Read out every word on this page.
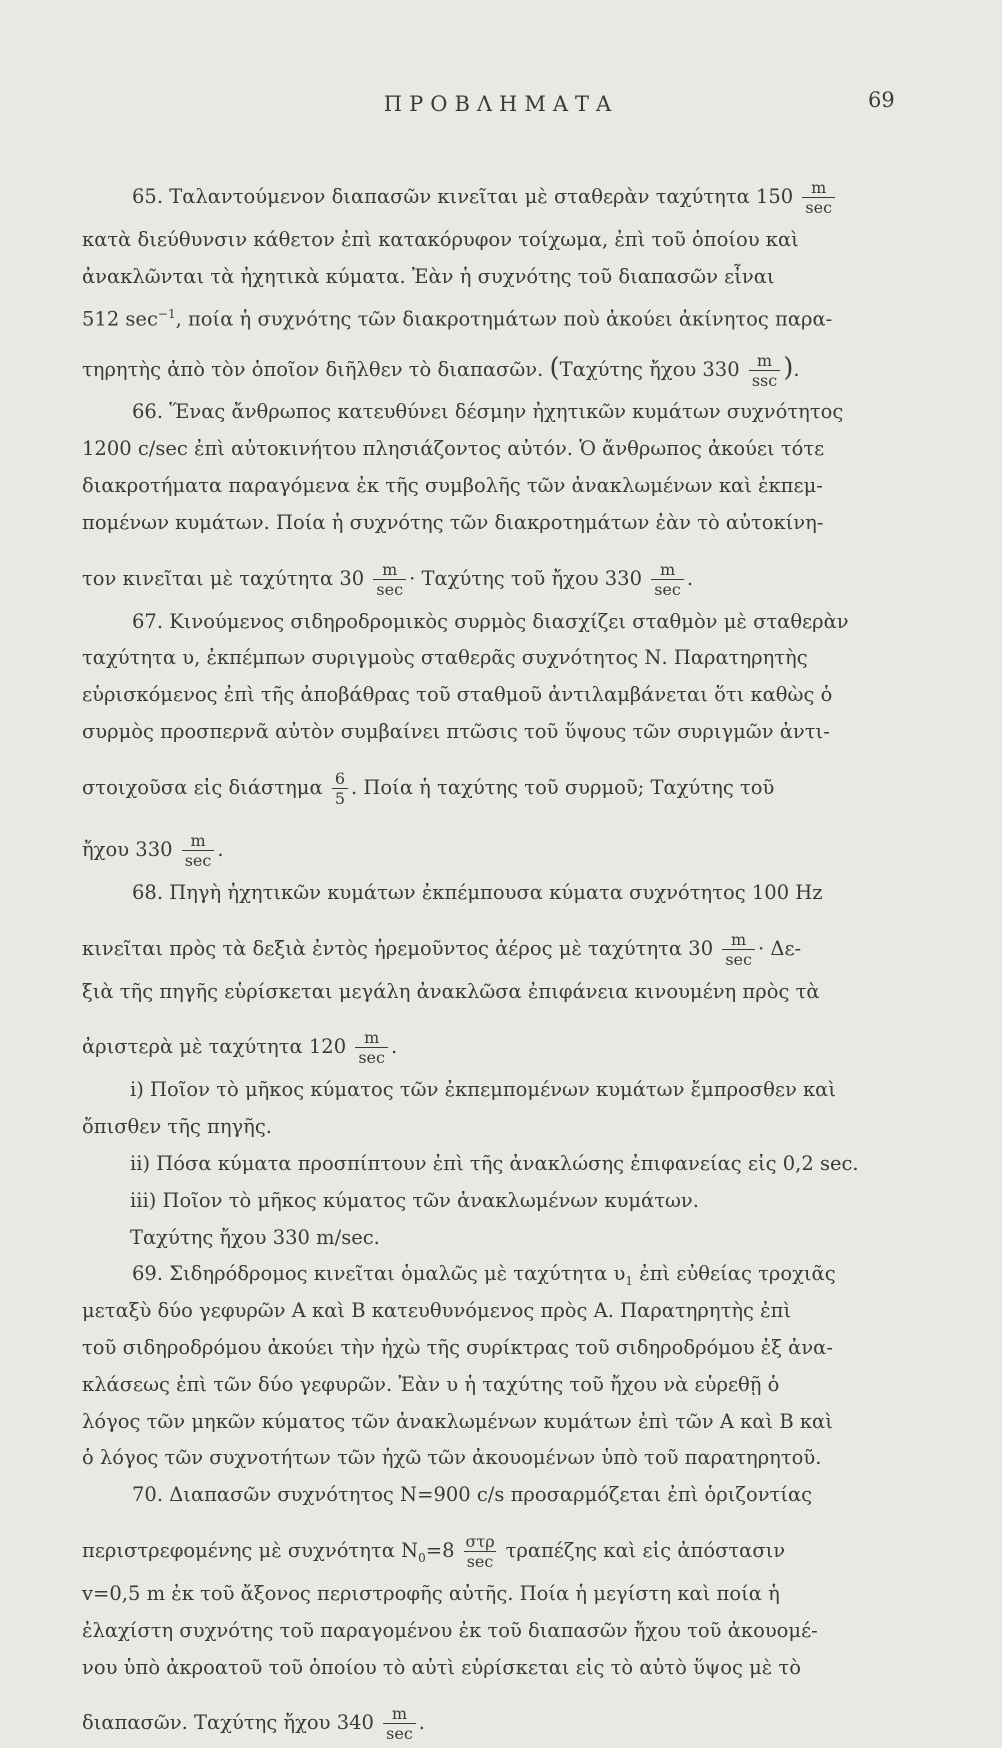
ΠΡΟΒΛΗΜΑΤΑ	69
65. Ταλαντούμενον διαπασῶν κινεῖται μὲ σταθερὰν ταχύτητα 150 m
sec
κατὰ διεύθυνσιν κάθετον ἐπὶ κατακόρυφον τοίχωμα, ἐπὶ τοῦ ὁποίου καὶ
ἀνακλῶνται τὰ ἠχητικὰ κύματα. Ἐὰν ἡ συχνότης τοῦ διαπασῶν εἶναι
512 $\sec^{-1}$, ποία ἡ συχνότης τῶν διακροτημάτων ποὺ ἀκούει ἀκίνητος παρα-
τηρητὴς ἀπὸ τὸν ὁποῖον διῆλθεν τὸ διαπασῶν. (Ταχύτης ἤχου 330 m
ssc ).
66. Ἕνας ἄνθρωπος κατευθύνει δέσμην ἠχητικῶν κυμάτων συχνότητος
1200 c/sec ἐπὶ αὐτοκινήτου πλησιάζοντος αὐτόν. Ὁ ἄνθρωπος ἀκούει τότε
διακροτήματα παραγόμενα ἐκ τῆς συμβολῆς τῶν ἀνακλωμένων καὶ ἐκπεμ-
πομένων κυμάτων. Ποία ἡ συχνότης τῶν διακροτημάτων ἐὰν τὸ αὐτοκίνη-
τον κινεῖται μὲ ταχύτητα 30 m
sec · Ταχύτης τοῦ ἤχου 330 m
sec .
67. Κινούμενος σιδηροδρομικὸς συρμὸς διασχίζει σταθμὸν μὲ σταθερὰν
ταχύτητα υ, ἐκπέμπων συριγμοὺς σταθερᾶς συχνότητος Ν. Παρατηρητὴς
εὑρισκόμενος ἐπὶ τῆς ἀποβάθρας τοῦ σταθμοῦ ἀντιλαμβάνεται ὅτι καθὼς ὁ
συρμὸς προσπερνᾶ αὐτὸν συμβαίνει πτῶσις τοῦ ὕψους τῶν συριγμῶν ἀντι-
στοιχοῦσα εἰς διάστημα $\frac{6}{5}$ . Ποία ἡ ταχύτης τοῦ συρμοῦ; Ταχύτης τοῦ
ἤχου 330 m
sec .
68. Πηγὴ ἠχητικῶν κυμάτων ἐκπέμπουσα κύματα συχνότητος 100 Hz
κινεῖται πρὸς τὰ δεξιὰ ἐντὸς ἠρεμοῦντος ἀέρος μὲ ταχύτητα 30 m
sec · Δε-
ξιὰ τῆς πηγῆς εὑρίσκεται μεγάλη ἀνακλῶσα ἐπιφάνεια κινουμένη πρὸς τὰ
ἀριστερὰ μὲ ταχύτητα 120 m
sec .
i) Ποῖον τὸ μῆκος κύματος τῶν ἐκπεμπομένων κυμάτων ἔμπροσθεν καὶ
ὄπισθεν τῆς πηγῆς.
ii) Πόσα κύματα προσπίπτουν ἐπὶ τῆς ἀνακλώσης ἐπιφανείας εἰς 0,2 sec.
iii) Ποῖον τὸ μῆκος κύματος τῶν ἀνακλωμένων κυμάτων.
Ταχύτης ἤχου 330 m/sec.
69. Σιδηρόδρομος κινεῖται ὁμαλῶς μὲ ταχύτητα $\upsilon_1$ ἐπὶ εὐθείας τροχιᾶς
μεταξὺ δύο γεφυρῶν Α καὶ Β κατευθυνόμενος πρὸς Α. Παρατηρητὴς ἐπὶ
τοῦ σιδηροδρόμου ἀκούει τὴν ἠχὼ τῆς συρίκτρας τοῦ σιδηροδρόμου ἐξ ἀνα-
κλάσεως ἐπὶ τῶν δύο γεφυρῶν. Ἐὰν υ ἡ ταχύτης τοῦ ἤχου νὰ εὑρεθῇ ὁ
λόγος τῶν μηκῶν κύματος τῶν ἀνακλωμένων κυμάτων ἐπὶ τῶν Α καὶ Β καὶ
ὁ λόγος τῶν συχνοτήτων τῶν ἠχῶ τῶν ἀκουομένων ὑπὸ τοῦ παρατηρητοῦ.
70. Διαπασῶν συχνότητος N=900 c/s προσαρμόζεται ἐπὶ ὁριζοντίας
περιστρεφομένης μὲ συχνότητα $N_0=8$ στρ
sec τραπέζης καὶ εἰς ἀπόστασιν
v=0,5 m ἐκ τοῦ ἄξονος περιστροφῆς αὐτῆς. Ποία ἡ μεγίστη καὶ ποία ἡ
ἐλαχίστη συχνότης τοῦ παραγομένου ἐκ τοῦ διαπασῶν ἤχου τοῦ ἀκουομέ-
νου ὑπὸ ἀκροατοῦ τοῦ ὁποίου τὸ αὐτὶ εὑρίσκεται εἰς τὸ αὐτὸ ὕψος μὲ τὸ
διαπασῶν. Ταχύτης ἤχου 340 m
sec .
